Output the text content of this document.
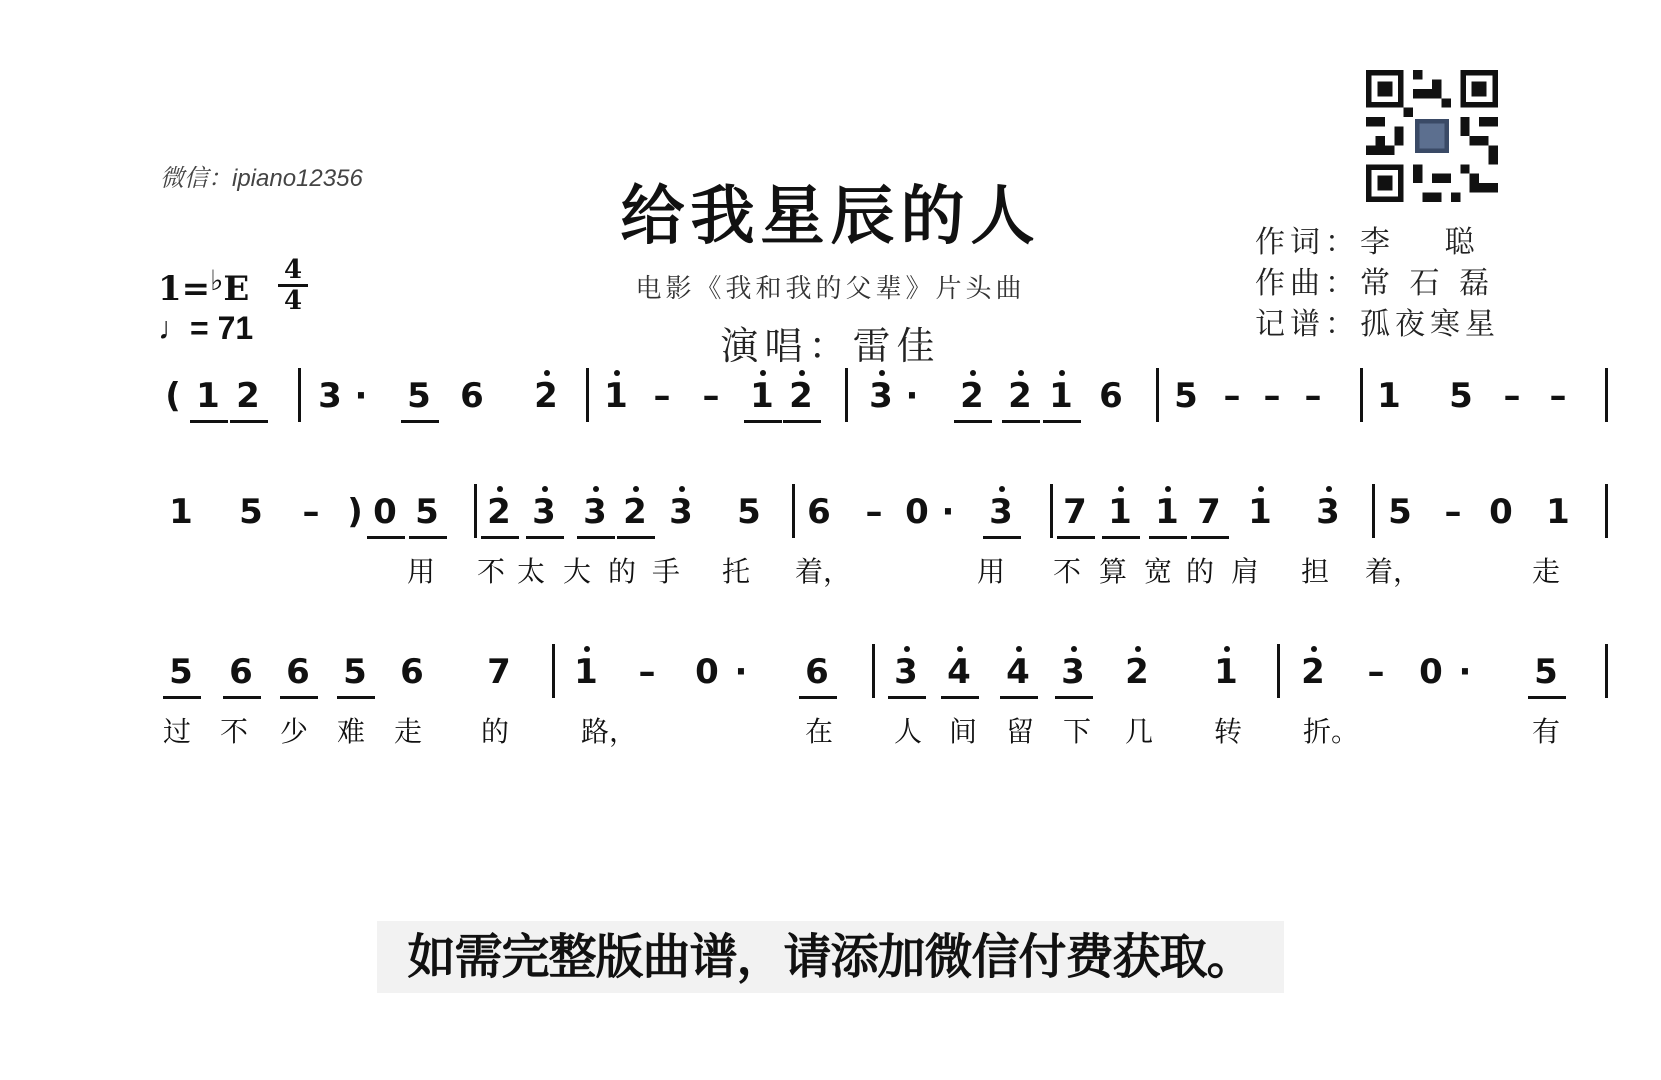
微信：ipiano12356
给我星辰的人
电影《我和我的父辈》片头曲
演唱：雷佳
作词：李　 聪
作曲：常 石 磊
记谱：孤夜寒星
1=♭E 4
4
♩= 71
( 1 2 3 · 5 6 2 1 – – 1 2 3 · 2 2 1 6 5 – – – 1 5 – –
1 5 – ) 0 5 2 3 3 2 3 5 6 – 0 · 3 7 1 1 7 1 3 5 – 0 1
用 不 太 大 的 手 托 着，	用 不 算 宽 的 肩 担 着，	走
5 6 6 5 6 7 1 – 0 · 6 3 4 4 3 2 1 2 – 0 · 5
过 不 少 难 走 的	路，	在 人 间 留 下 几 转 折。	有
如需完整版曲谱，请添加微信付费获取。
